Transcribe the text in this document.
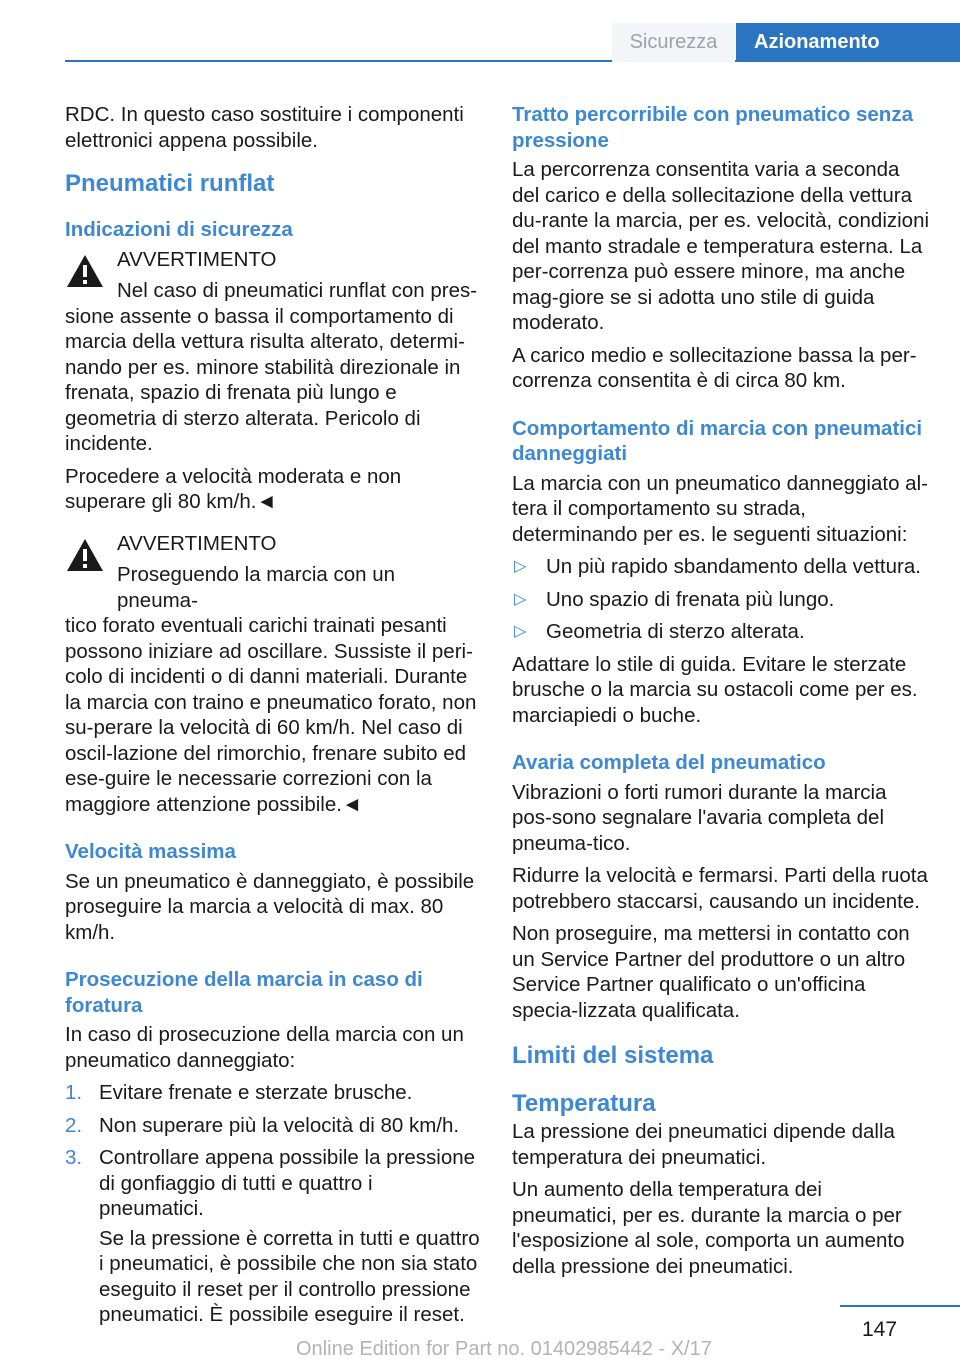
Sicurezza	Azionamento

RDC. In questo caso sostituire i componenti elettronici appena possibile.

Pneumatici runflat
Indicazioni di sicurezza

AVVERTIMENTO

Nel caso di pneumatici runflat con pres-

sione assente o bassa il comportamento di marcia della vettura risulta alterato, determi-nando per es. minore stabilità direzionale in frenata, spazio di frenata più lungo e geometria di sterzo alterata. Pericolo di incidente.

Procedere a velocità moderata e non superare gli 80 km/h.◄

AVVERTIMENTO

Proseguendo la marcia con un pneuma-

tico forato eventuali carichi trainati pesanti possono iniziare ad oscillare. Sussiste il peri-colo di incidenti o di danni materiali. Durante la marcia con traino e pneumatico forato, non su-perare la velocità di 60 km/h. Nel caso di oscil-lazione del rimorchio, frenare subito ed ese-guire le necessarie correzioni con la maggiore attenzione possibile.◄

Velocità massima

Se un pneumatico è danneggiato, è possibile proseguire la marcia a velocità di max. 80 km/h.

Prosecuzione della marcia in caso di foratura

In caso di prosecuzione della marcia con un pneumatico danneggiato:

1. Evitare frenate e sterzate brusche.
2. Non superare più la velocità di 80 km/h.
3. Controllare appena possibile la pressione di gonfiaggio di tutti e quattro i pneumatici.

Se la pressione è corretta in tutti e quattro i pneumatici, è possibile che non sia stato eseguito il reset per il controllo pressione pneumatici. È possibile eseguire il reset.

Tratto percorribile con pneumatico senza pressione

La percorrenza consentita varia a seconda del carico e della sollecitazione della vettura du-rante la marcia, per es. velocità, condizioni del manto stradale e temperatura esterna. La per-correnza può essere minore, ma anche mag-giore se si adotta uno stile di guida moderato.

A carico medio e sollecitazione bassa la per-correnza consentita è di circa 80 km.

Comportamento di marcia con pneumatici danneggiati

La marcia con un pneumatico danneggiato al-tera il comportamento su strada, determinando per es. le seguenti situazioni:

▷ Un più rapido sbandamento della vettura.
▷ Uno spazio di frenata più lungo.
▷ Geometria di sterzo alterata.

Adattare lo stile di guida. Evitare le sterzate brusche o la marcia su ostacoli come per es. marciapiedi o buche.

Avaria completa del pneumatico

Vibrazioni o forti rumori durante la marcia pos-sono segnalare l'avaria completa del pneuma-tico.

Ridurre la velocità e fermarsi. Parti della ruota potrebbero staccarsi, causando un incidente.

Non proseguire, ma mettersi in contatto con un Service Partner del produttore o un altro Service Partner qualificato o un'officina specia-lizzata qualificata.

Limiti del sistema
Temperatura

La pressione dei pneumatici dipende dalla temperatura dei pneumatici.

Un aumento della temperatura dei pneumatici, per es. durante la marcia o per l'esposizione al sole, comporta un aumento della pressione dei pneumatici.

147
Online Edition for Part no. 01402985442 - X/17
